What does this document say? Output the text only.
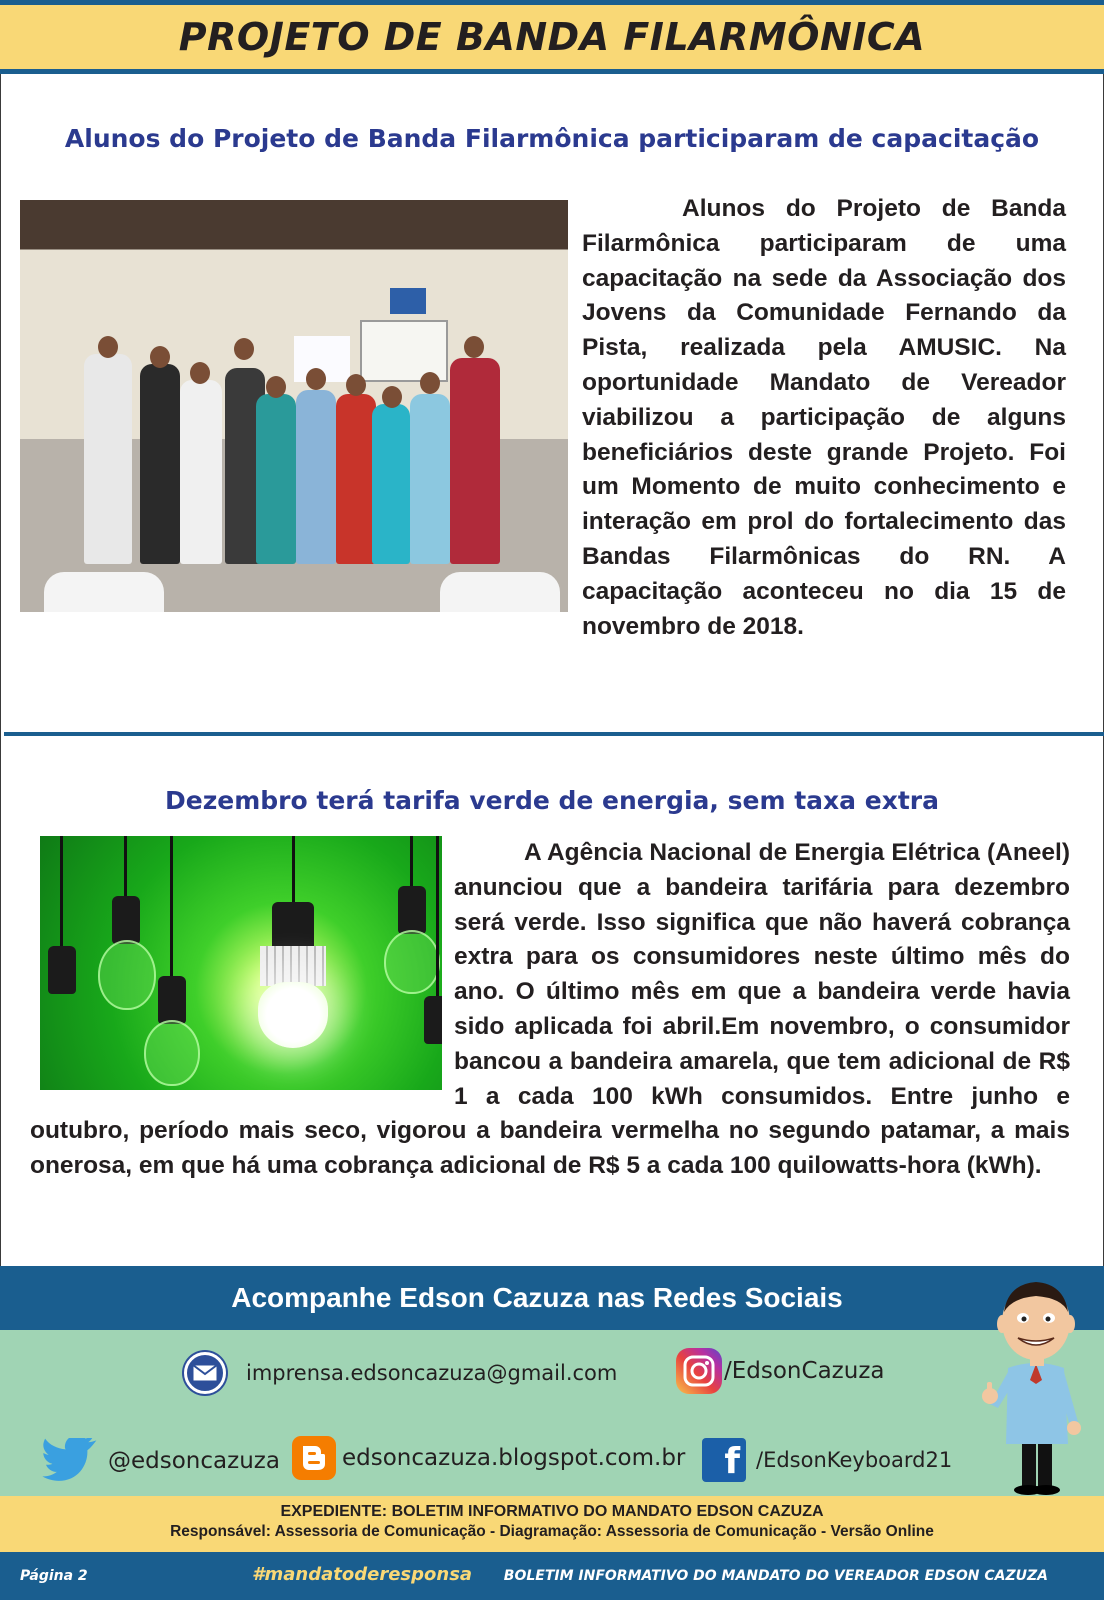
PROJETO DE BANDA FILARMÔNICA
Alunos do Projeto de Banda Filarmônica participaram de capacitação
Alunos do Projeto de Banda Filarmônica participaram de uma capacitação na sede da Associação dos Jovens da Comunidade Fernando da Pista, realizada pela AMUSIC. Na oportunidade Mandato de Vereador viabilizou a participação de alguns beneficiários deste grande Projeto. Foi um Momento de muito conhecimento e interação em prol do fortalecimento das Bandas Filarmônicas do RN. A capacitação aconteceu no dia 15 de novembro de 2018.
Dezembro terá tarifa verde de energia, sem taxa extra
A Agência Nacional de Energia Elétrica (Aneel) anunciou que a bandeira tarifária para dezembro será verde. Isso significa que não haverá cobrança extra para os consumidores neste último mês do ano. O último mês em que a bandeira verde havia sido aplicada foi abril.Em novembro, o consumidor bancou a bandeira amarela, que tem adicional de R$ 1 a cada 100 kWh consumidos. Entre junho e outubro, período mais seco, vigorou a bandeira vermelha no segundo patamar, a mais onerosa, em que há uma cobrança adicional de R$ 5 a cada 100 quilowatts-hora (kWh).
Acompanhe Edson Cazuza nas Redes Sociais
imprensa.edsoncazuza@gmail.com	/EdsonCazuza
@edsoncazuza	edsoncazuza.blogspot.com.br	f /EdsonKeyboard21
EXPEDIENTE: BOLETIM INFORMATIVO DO MANDATO EDSON CAZUZA
Responsável: Assessoria de Comunicação - Diagramação: Assessoria de Comunicação - Versão Online
Página 2	#mandatoderesponsa BOLETIM INFORMATIVO DO MANDATO DO VEREADOR EDSON CAZUZA
